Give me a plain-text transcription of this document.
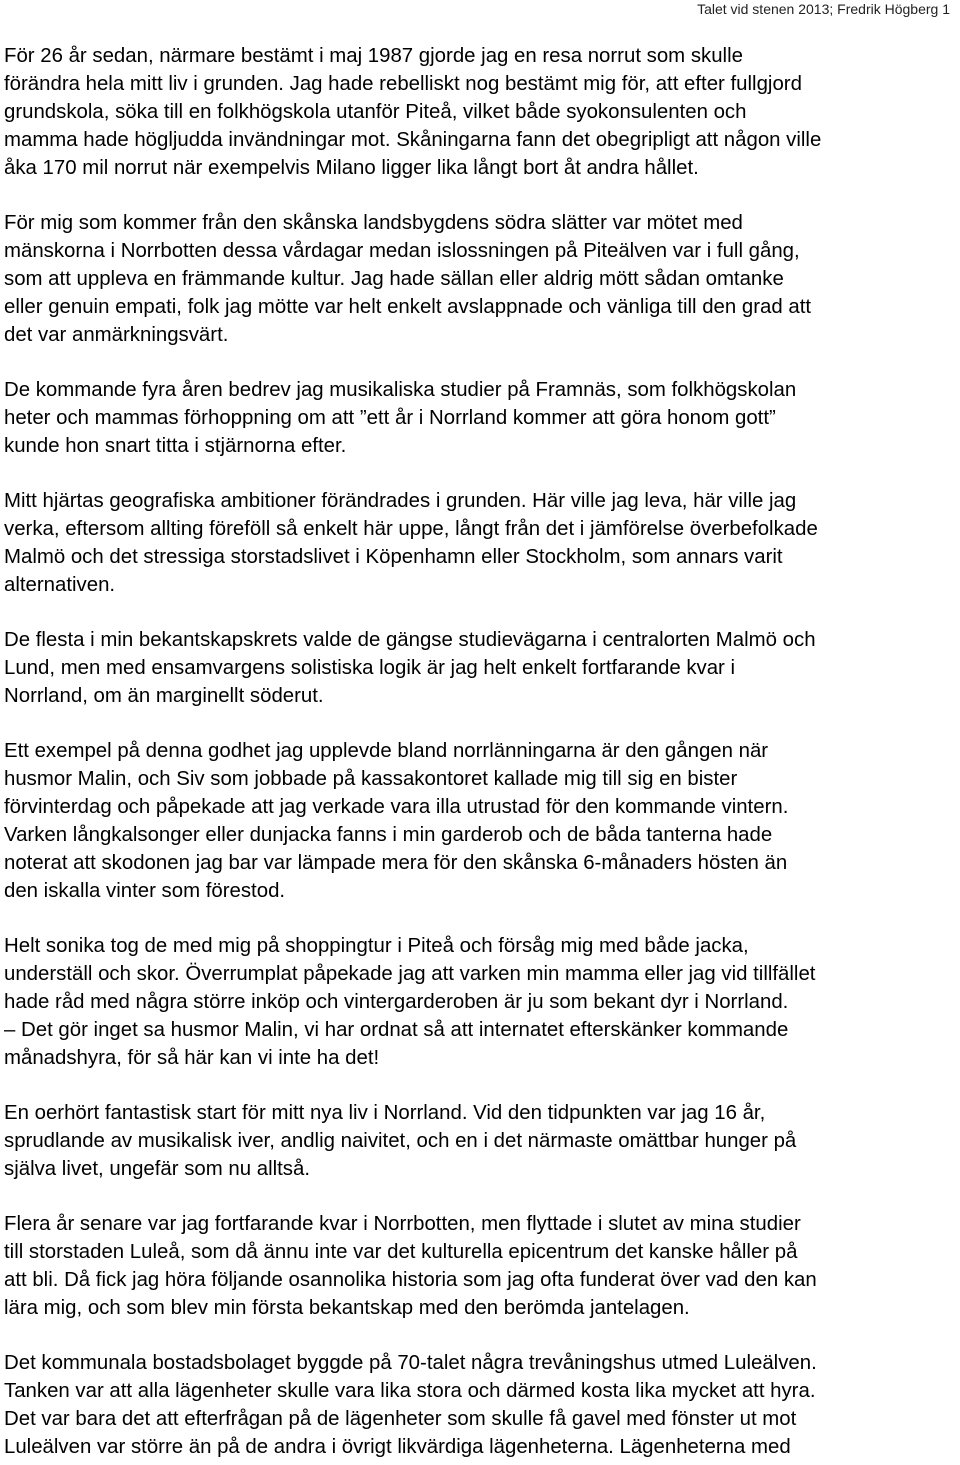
Talet vid stenen 2013; Fredrik Högberg 1

För 26 år sedan, närmare bestämt i maj 1987 gjorde jag en resa norrut som skulle
förändra hela mitt liv i grunden. Jag hade rebelliskt nog bestämt mig för, att efter fullgjord
grundskola, söka till en folkhögskola utanför Piteå, vilket både syokonsulenten och
mamma hade högljudda invändningar mot. Skåningarna fann det obegripligt att någon ville
åka 170 mil norrut när exempelvis Milano ligger lika långt bort åt andra hållet.

För mig som kommer från den skånska landsbygdens södra slätter var mötet med
mänskorna i Norrbotten dessa vårdagar medan islossningen på Piteälven var i full gång,
som att uppleva en främmande kultur. Jag hade sällan eller aldrig mött sådan omtanke
eller genuin empati, folk jag mötte var helt enkelt avslappnade och vänliga till den grad att
det var anmärkningsvärt.

De kommande fyra åren bedrev jag musikaliska studier på Framnäs, som folkhögskolan
heter och mammas förhoppning om att ”ett år i Norrland kommer att göra honom gott”
kunde hon snart titta i stjärnorna efter.

Mitt hjärtas geografiska ambitioner förändrades i grunden. Här ville jag leva, här ville jag
verka, eftersom allting föreföll så enkelt här uppe, långt från det i jämförelse överbefolkade
Malmö och det stressiga storstadslivet i Köpenhamn eller Stockholm, som annars varit
alternativen.

De flesta i min bekantskapskrets valde de gängse studievägarna i centralorten Malmö och
Lund, men med ensamvargens solistiska logik är jag helt enkelt fortfarande kvar i
Norrland, om än marginellt söderut.

Ett exempel på denna godhet jag upplevde bland norrlänningarna är den gången när
husmor Malin, och Siv som jobbade på kassakontoret kallade mig till sig en bister
förvinterdag och påpekade att jag verkade vara illa utrustad för den kommande vintern.
Varken långkalsonger eller dunjacka fanns i min garderob och de båda tanterna hade
noterat att skodonen jag bar var lämpade mera för den skånska 6-månaders hösten än
den iskalla vinter som förestod.

Helt sonika tog de med mig på shoppingtur i Piteå och försåg mig med både jacka,
underställ och skor. Överrumplat påpekade jag att varken min mamma eller jag vid tillfället
hade råd med några större inköp och vintergarderoben är ju som bekant dyr i Norrland.
– Det gör inget sa husmor Malin, vi har ordnat så att internatet efterskänker kommande
månadshyra, för så här kan vi inte ha det!

En oerhört fantastisk start för mitt nya liv i Norrland. Vid den tidpunkten var jag 16 år,
sprudlande av musikalisk iver, andlig naivitet, och en i det närmaste omättbar hunger på
själva livet, ungefär som nu alltså.

Flera år senare var jag fortfarande kvar i Norrbotten, men flyttade i slutet av mina studier
till storstaden Luleå, som då ännu inte var det kulturella epicentrum det kanske håller på
att bli. Då fick jag höra följande osannolika historia som jag ofta funderat över vad den kan
lära mig, och som blev min första bekantskap med den berömda jantelagen.

Det kommunala bostadsbolaget byggde på 70-talet några trevåningshus utmed Luleälven.
Tanken var att alla lägenheter skulle vara lika stora och därmed kosta lika mycket att hyra.
Det var bara det att efterfrågan på de lägenheter som skulle få gavel med fönster ut mot
Luleälven var större än på de andra i övrigt likvärdiga lägenheterna. Lägenheterna med
